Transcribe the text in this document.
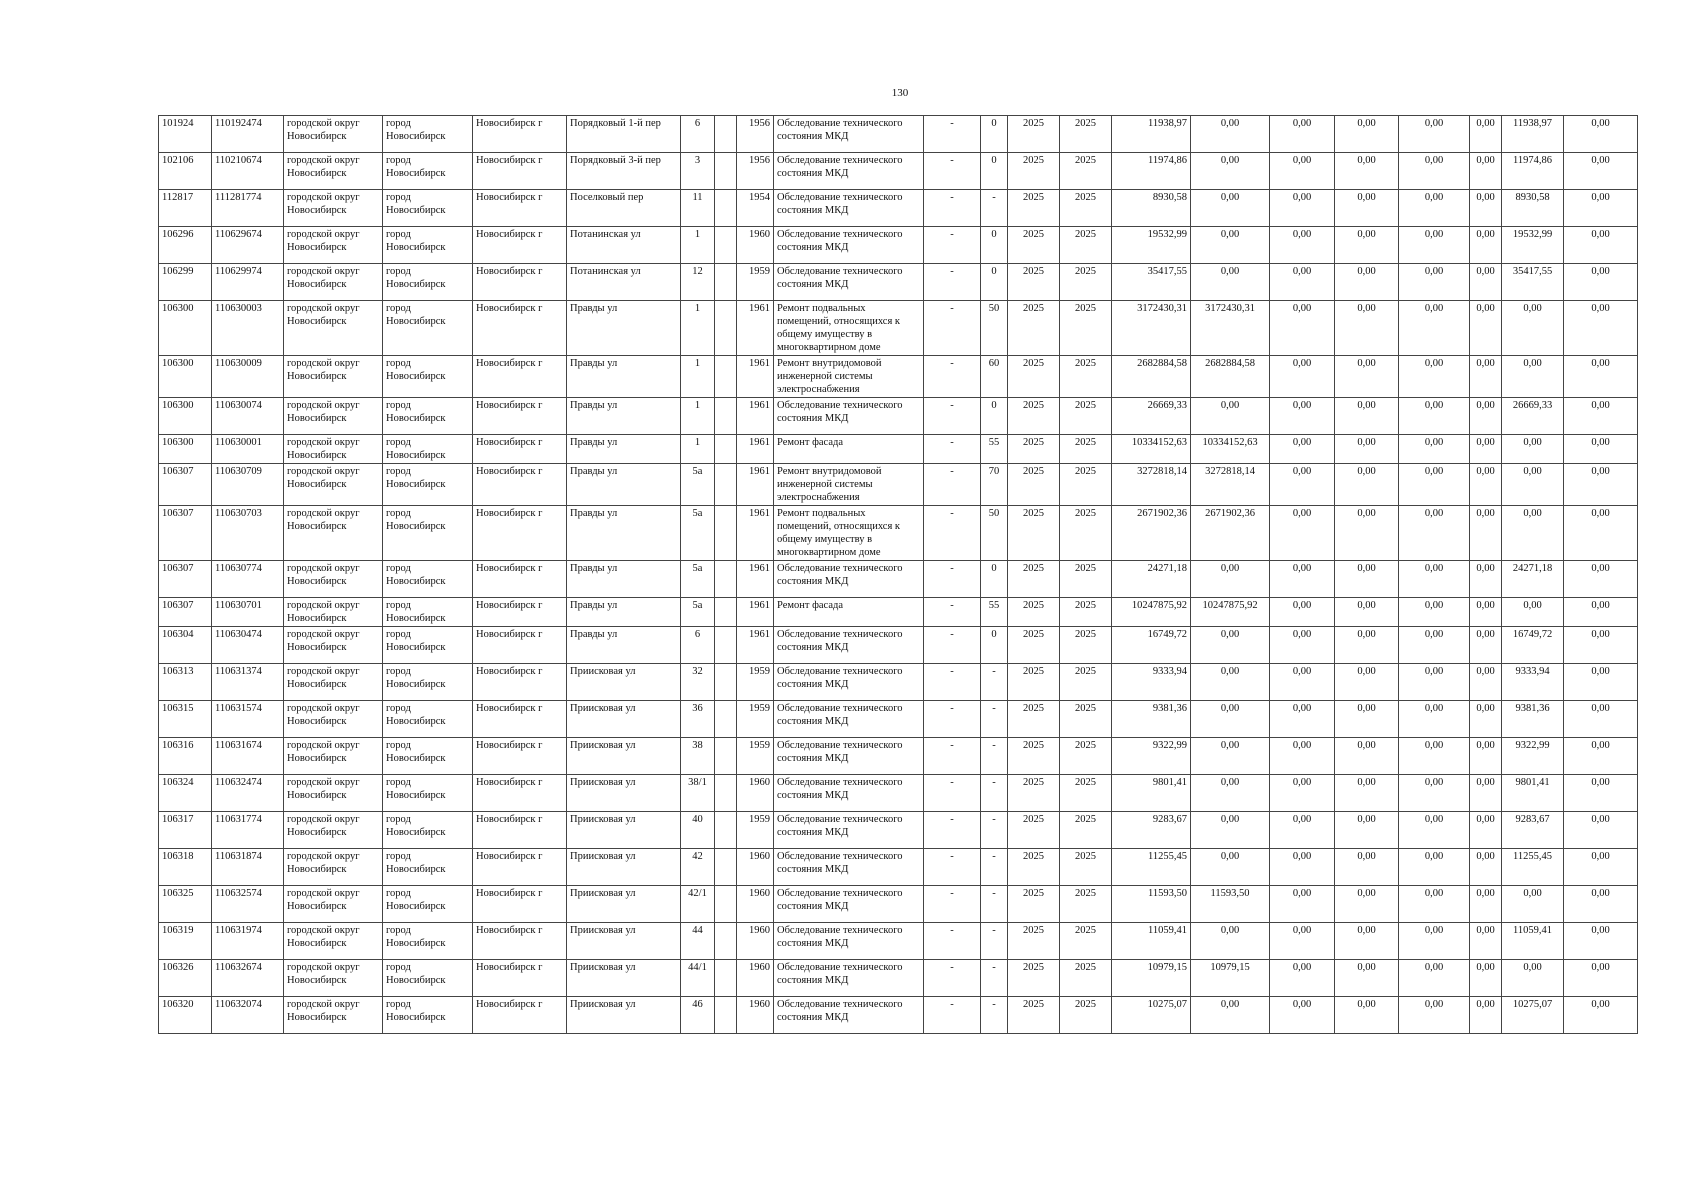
130
101924	110192474	городской округ Новосибирск	город Новосибирск	Новосибирск г	Порядковый 1-й пер	6		1956	Обследование технического состояния МКД	-	0	2025	2025	11938,97	0,00	0,00	0,00	0,00	0,00	11938,97	0,00
102106	110210674	городской округ Новосибирск	город Новосибирск	Новосибирск г	Порядковый 3-й пер	3		1956	Обследование технического состояния МКД	-	0	2025	2025	11974,86	0,00	0,00	0,00	0,00	0,00	11974,86	0,00
112817	111281774	городской округ Новосибирск	город Новосибирск	Новосибирск г	Поселковый пер	11		1954	Обследование технического состояния МКД	-	-	2025	2025	8930,58	0,00	0,00	0,00	0,00	0,00	8930,58	0,00
106296	110629674	городской округ Новосибирск	город Новосибирск	Новосибирск г	Потанинская ул	1		1960	Обследование технического состояния МКД	-	0	2025	2025	19532,99	0,00	0,00	0,00	0,00	0,00	19532,99	0,00
106299	110629974	городской округ Новосибирск	город Новосибирск	Новосибирск г	Потанинская ул	12		1959	Обследование технического состояния МКД	-	0	2025	2025	35417,55	0,00	0,00	0,00	0,00	0,00	35417,55	0,00
106300	110630003	городской округ Новосибирск	город Новосибирск	Новосибирск г	Правды ул	1		1961	Ремонт подвальных помещений, относящихся к общему имуществу в многоквартирном доме	-	50	2025	2025	3172430,31	3172430,31	0,00	0,00	0,00	0,00	0,00	0,00
106300	110630009	городской округ Новосибирск	город Новосибирск	Новосибирск г	Правды ул	1		1961	Ремонт внутридомовой инженерной системы электроснабжения	-	60	2025	2025	2682884,58	2682884,58	0,00	0,00	0,00	0,00	0,00	0,00
106300	110630074	городской округ Новосибирск	город Новосибирск	Новосибирск г	Правды ул	1		1961	Обследование технического состояния МКД	-	0	2025	2025	26669,33	0,00	0,00	0,00	0,00	0,00	26669,33	0,00
106300	110630001	городской округ Новосибирск	город Новосибирск	Новосибирск г	Правды ул	1		1961	Ремонт фасада	-	55	2025	2025	10334152,63	10334152,63	0,00	0,00	0,00	0,00	0,00	0,00
106307	110630709	городской округ Новосибирск	город Новосибирск	Новосибирск г	Правды ул	5а		1961	Ремонт внутридомовой инженерной системы электроснабжения	-	70	2025	2025	3272818,14	3272818,14	0,00	0,00	0,00	0,00	0,00	0,00
106307	110630703	городской округ Новосибирск	город Новосибирск	Новосибирск г	Правды ул	5а		1961	Ремонт подвальных помещений, относящихся к общему имуществу в многоквартирном доме	-	50	2025	2025	2671902,36	2671902,36	0,00	0,00	0,00	0,00	0,00	0,00
106307	110630774	городской округ Новосибирск	город Новосибирск	Новосибирск г	Правды ул	5а		1961	Обследование технического состояния МКД	-	0	2025	2025	24271,18	0,00	0,00	0,00	0,00	0,00	24271,18	0,00
106307	110630701	городской округ Новосибирск	город Новосибирск	Новосибирск г	Правды ул	5а		1961	Ремонт фасада	-	55	2025	2025	10247875,92	10247875,92	0,00	0,00	0,00	0,00	0,00	0,00
106304	110630474	городской округ Новосибирск	город Новосибирск	Новосибирск г	Правды ул	6		1961	Обследование технического состояния МКД	-	0	2025	2025	16749,72	0,00	0,00	0,00	0,00	0,00	16749,72	0,00
106313	110631374	городской округ Новосибирск	город Новосибирск	Новосибирск г	Приисковая ул	32		1959	Обследование технического состояния МКД	-	-	2025	2025	9333,94	0,00	0,00	0,00	0,00	0,00	9333,94	0,00
106315	110631574	городской округ Новосибирск	город Новосибирск	Новосибирск г	Приисковая ул	36		1959	Обследование технического состояния МКД	-	-	2025	2025	9381,36	0,00	0,00	0,00	0,00	0,00	9381,36	0,00
106316	110631674	городской округ Новосибирск	город Новосибирск	Новосибирск г	Приисковая ул	38		1959	Обследование технического состояния МКД	-	-	2025	2025	9322,99	0,00	0,00	0,00	0,00	0,00	9322,99	0,00
106324	110632474	городской округ Новосибирск	город Новосибирск	Новосибирск г	Приисковая ул	38/1		1960	Обследование технического состояния МКД	-	-	2025	2025	9801,41	0,00	0,00	0,00	0,00	0,00	9801,41	0,00
106317	110631774	городской округ Новосибирск	город Новосибирск	Новосибирск г	Приисковая ул	40		1959	Обследование технического состояния МКД	-	-	2025	2025	9283,67	0,00	0,00	0,00	0,00	0,00	9283,67	0,00
106318	110631874	городской округ Новосибирск	город Новосибирск	Новосибирск г	Приисковая ул	42		1960	Обследование технического состояния МКД	-	-	2025	2025	11255,45	0,00	0,00	0,00	0,00	0,00	11255,45	0,00
106325	110632574	городской округ Новосибирск	город Новосибирск	Новосибирск г	Приисковая ул	42/1		1960	Обследование технического состояния МКД	-	-	2025	2025	11593,50	11593,50	0,00	0,00	0,00	0,00	0,00	0,00
106319	110631974	городской округ Новосибирск	город Новосибирск	Новосибирск г	Приисковая ул	44		1960	Обследование технического состояния МКД	-	-	2025	2025	11059,41	0,00	0,00	0,00	0,00	0,00	11059,41	0,00
106326	110632674	городской округ Новосибирск	город Новосибирск	Новосибирск г	Приисковая ул	44/1		1960	Обследование технического состояния МКД	-	-	2025	2025	10979,15	10979,15	0,00	0,00	0,00	0,00	0,00	0,00
106320	110632074	городской округ Новосибирск	город Новосибирск	Новосибирск г	Приисковая ул	46		1960	Обследование технического состояния МКД	-	-	2025	2025	10275,07	0,00	0,00	0,00	0,00	0,00	10275,07	0,00
